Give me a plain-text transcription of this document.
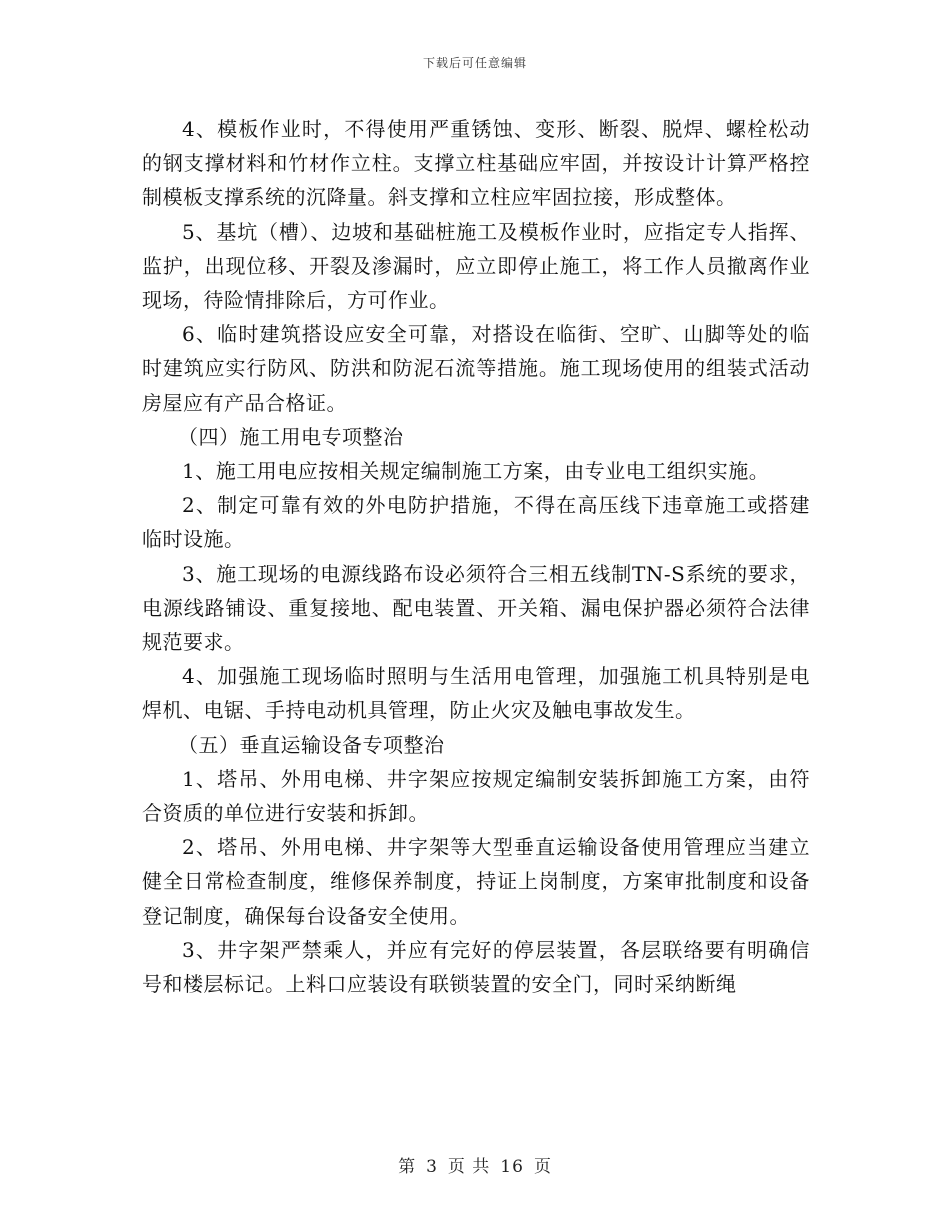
下载后可任意编辑

4、模板作业时，不得使用严重锈蚀、变形、断裂、脱焊、螺栓松动的钢支撑材料和竹材作立柱。支撑立柱基础应牢固，并按设计计算严格控制模板支撑系统的沉降量。斜支撑和立柱应牢固拉接，形成整体。

5、基坑（槽）、边坡和基础桩施工及模板作业时，应指定专人指挥、监护，出现位移、开裂及渗漏时，应立即停止施工，将工作人员撤离作业现场，待险情排除后，方可作业。

6、临时建筑搭设应安全可靠，对搭设在临街、空旷、山脚等处的临时建筑应实行防风、防洪和防泥石流等措施。施工现场使用的组装式活动房屋应有产品合格证。

（四）施工用电专项整治

1、施工用电应按相关规定编制施工方案，由专业电工组织实施。

2、制定可靠有效的外电防护措施，不得在高压线下违章施工或搭建临时设施。

3、施工现场的电源线路布设必须符合三相五线制TN-S系统的要求，电源线路铺设、重复接地、配电装置、开关箱、漏电保护器必须符合法律规范要求。

4、加强施工现场临时照明与生活用电管理，加强施工机具特别是电焊机、电锯、手持电动机具管理，防止火灾及触电事故发生。

（五）垂直运输设备专项整治

1、塔吊、外用电梯、井字架应按规定编制安装拆卸施工方案，由符合资质的单位进行安装和拆卸。

2、塔吊、外用电梯、井字架等大型垂直运输设备使用管理应当建立健全日常检查制度，维修保养制度，持证上岗制度，方案审批制度和设备登记制度，确保每台设备安全使用。

3、井字架严禁乘人，并应有完好的停层装置，各层联络要有明确信号和楼层标记。上料口应装设有联锁装置的安全门，同时采纳断绳

第 3 页 共 16 页
